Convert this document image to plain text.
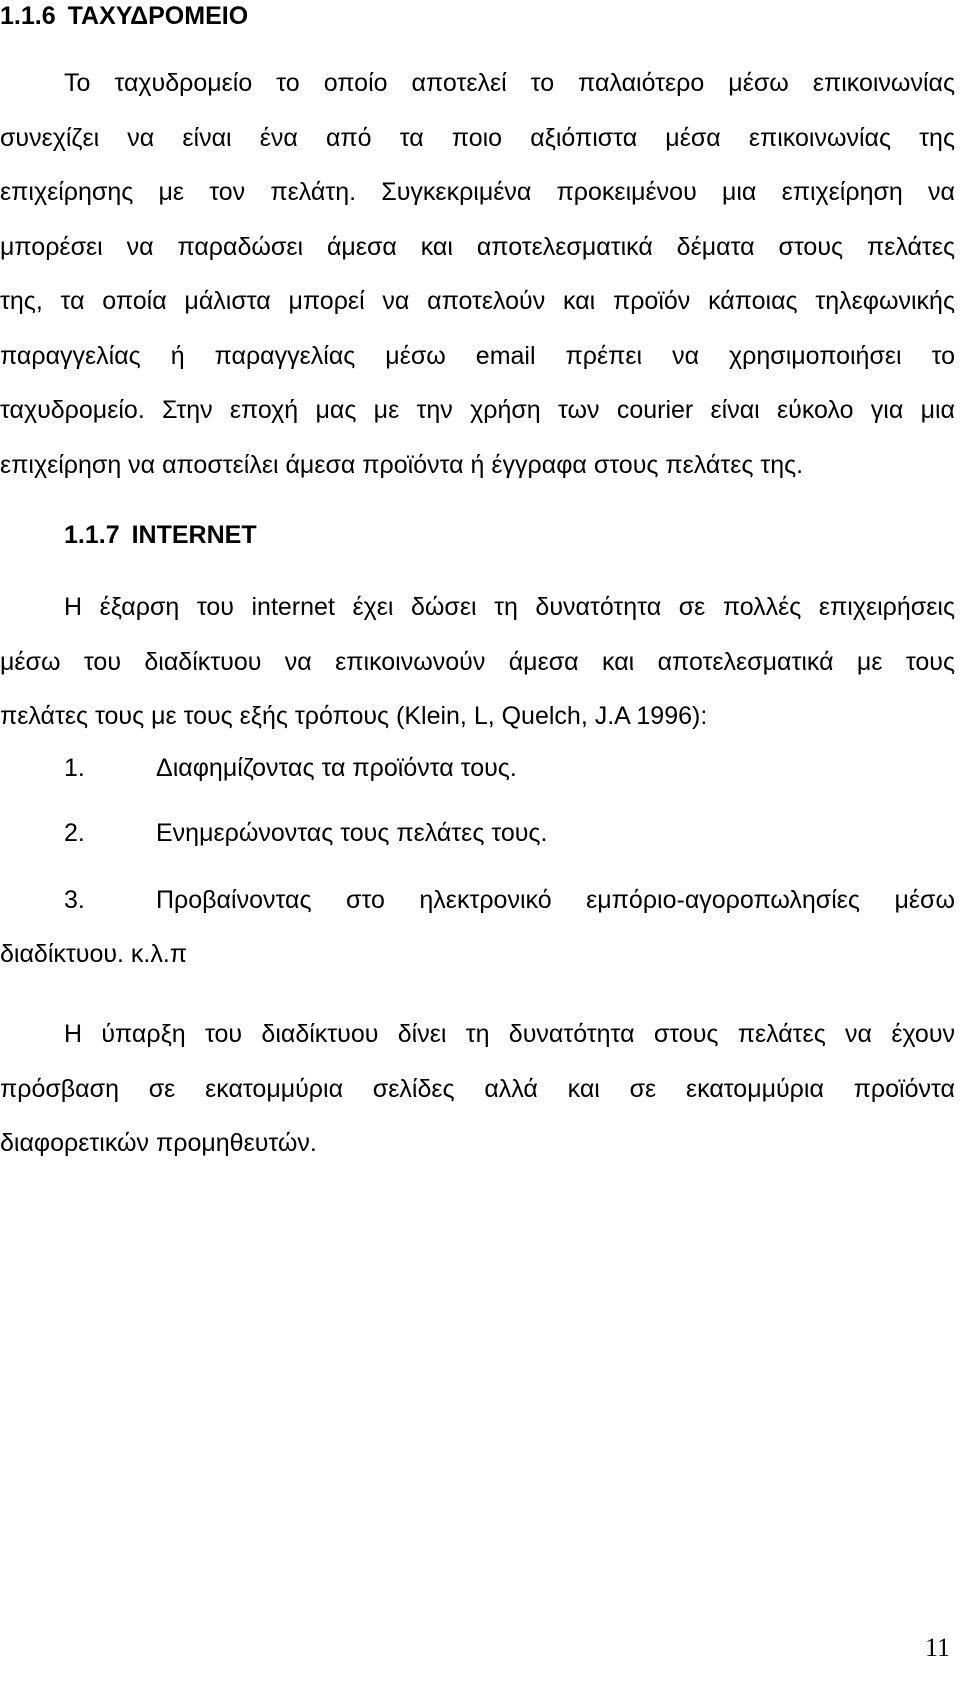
1.1.6 ΤΑΧΥΔΡΟΜΕΙΟ
Το ταχυδρομείο το οποίο αποτελεί το παλαιότερο μέσω επικοινωνίας
συνεχίζει να είναι ένα από τα ποιο αξιόπιστα μέσα επικοινωνίας της
επιχείρησης με τον πελάτη. Συγκεκριμένα προκειμένου μια επιχείρηση να
μπορέσει να παραδώσει άμεσα και αποτελεσματικά δέματα στους πελάτες
της, τα οποία μάλιστα μπορεί να αποτελούν και προϊόν κάποιας τηλεφωνικής
παραγγελίας ή παραγγελίας μέσω email πρέπει να χρησιμοποιήσει το
ταχυδρομείο. Στην εποχή μας με την χρήση των courier είναι εύκολο για μια
επιχείρηση να αποστείλει άμεσα προϊόντα ή έγγραφα στους πελάτες της.
1.1.7 INTERNET
Η έξαρση του internet έχει δώσει τη δυνατότητα σε πολλές επιχειρήσεις
μέσω του διαδίκτυου να επικοινωνούν άμεσα και αποτελεσματικά με τους
πελάτες τους με τους εξής τρόπους (Klein, L, Quelch, J.A 1996):
1.	Διαφημίζοντας τα προϊόντα τους.
2.	Ενημερώνοντας τους πελάτες τους.
3.	Προβαίνοντας στο ηλεκτρονικό εμπόριο-αγοροπωλησίες μέσω
διαδίκτυου. κ.λ.π
Η ύπαρξη του διαδίκτυου δίνει τη δυνατότητα στους πελάτες να έχουν
πρόσβαση σε εκατομμύρια σελίδες αλλά και σε εκατομμύρια προϊόντα
διαφορετικών προμηθευτών.
11
